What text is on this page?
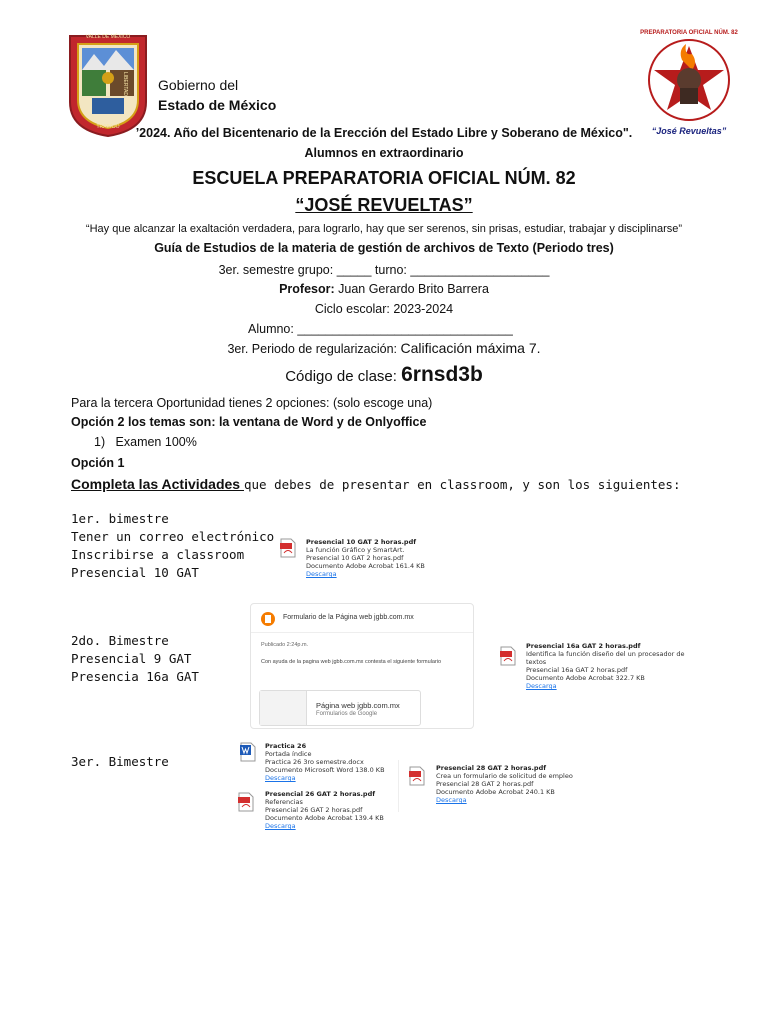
VALLE DE MÉXICO
LIBERTAD
TRABAJO
Gobierno del
Estado de México
PREPARATORIA OFICIAL NÚM. 82
“José Revueltas”
’2024. Año del Bicentenario de la Erección del Estado Libre y Soberano de México".
Alumnos en extraordinario
ESCUELA PREPARATORIA OFICIAL NÚM. 82
“JOSÉ REVUELTAS”
“Hay que alcanzar la exaltación verdadera, para lograrlo, hay que ser serenos, sin prisas, estudiar, trabajar y disciplinarse”
Guía de Estudios de la materia de gestión de archivos de Texto (Periodo tres)
3er. semestre grupo: _____ turno: ____________________
Profesor: Juan Gerardo Brito Barrera
Ciclo escolar: 2023-2024
Alumno: _______________________________
3er. Periodo de regularización: Calificación máxima 7.
Código de clase: 6rnsd3b
Para la tercera Oportunidad tienes 2 opciones: (solo escoge una)
Opción 2 los temas son: la ventana de Word y de Onlyoffice
1)   Examen 100%
Opción 1
Completa las Actividades que debes de presentar en classroom, y son los siguientes:
1er. bimestre
Tener un correo electrónico
Inscribirse a classroom
Presencial 10 GAT
Presencial 10 GAT 2 horas.pdf
La función Gráfico y SmartArt.
Presencial 10 GAT 2 horas.pdf
Documento Adobe Acrobat 161.4 KB
Descarga
2do. Bimestre
Presencial 9 GAT
Presencia 16a GAT
Formulario de la Página web jgbb.com.mx
Publicado 2:24p.m.
Con ayuda de la pagina web jgbb.com.mx contesta el siguiente formulario
Página web jgbb.com.mx
Formularios de Google
Presencial 16a GAT 2 horas.pdf
Identifica la función diseño del un procesador de textos
Presencial 16a GAT 2 horas.pdf
Documento Adobe Acrobat 322.7 KB
Descarga
3er. Bimestre
Practica 26
Portada índice
Practica 26 3ro semestre.docx
Documento Microsoft Word 138.0 KB
Descarga
Presencial 28 GAT 2 horas.pdf
Crea un formulario de solicitud de empleo
Presencial 28 GAT 2 horas.pdf
Documento Adobe Acrobat 240.1 KB
Descarga
Presencial 26 GAT 2 horas.pdf
Referencias
Presencial 26 GAT 2 horas.pdf
Documento Adobe Acrobat 139.4 KB
Descarga
